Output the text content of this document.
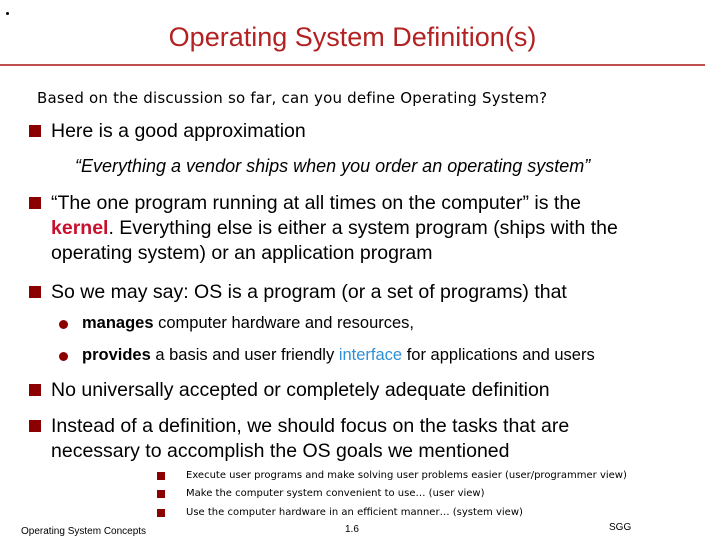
Operating System Definition(s)
Based on the discussion so far, can you define Operating System?
Here is a good approximation
“Everything a vendor ships when you order an operating system”
“The one program running at all times on the computer” is the
kernel. Everything else is either a system program (ships with the
operating system) or an application program
So we may say: OS is a program (or a set of programs) that
manages computer hardware and resources,
provides a basis and user friendly interface for applications and users
No universally accepted or completely adequate definition
Instead of a definition, we should focus on the tasks that are
necessary to accomplish the OS goals we mentioned
Execute user programs and make solving user problems easier (user/programmer view)
Make the computer system convenient to use… (user view)
Use the computer hardware in an efficient manner… (system view)
Operating System Concepts	1.6	SGG
